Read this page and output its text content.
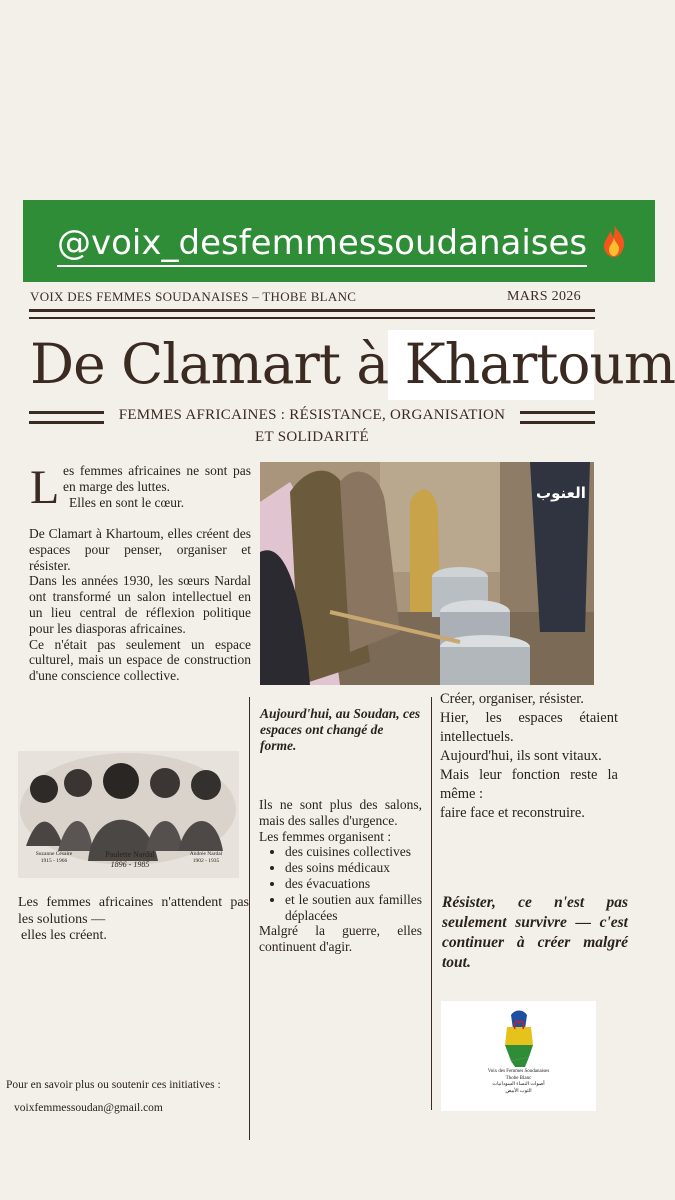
@voix_desfemmessoudanaises
VOIX DES FEMMES SOUDANAISES – THOBE BLANC	MARS 2026
De Clamart à Khartoum
FEMMES AFRICAINES : RÉSISTANCE, ORGANISATION
ET SOLIDARITÉ
L es femmes africaines ne sont pas en marge des luttes.
Elles en sont le cœur.
De Clamart à Khartoum, elles créent des espaces pour penser, organiser et résister.
Dans les années 1930, les sœurs Nardal ont transformé un salon intellectuel en un lieu central de réflexion politique pour les diasporas africaines.
Ce n'était pas seulement un espace culturel, mais un espace de construction d'une conscience collective.
العنوب
Aujourd'hui, au Soudan, ces espaces ont changé de forme.
Ils ne sont plus des salons, mais des salles d'urgence.
Les femmes organisent :
• des cuisines collectives
• des soins médicaux
• des évacuations
• et le soutien aux familles déplacées
Malgré la guerre, elles continuent d'agir.
Créer, organiser, résister.
Hier, les espaces étaient intellectuels.
Aujourd'hui, ils sont vitaux.
Mais leur fonction reste la même :
faire face et reconstruire.
Résister, ce n'est pas seulement survivre — c'est continuer à créer malgré tout.
Suzanne Césaire
1915 - 1966
Paulette Nardal
1896 - 1985
Andrée Nardal
1902 - 1935
Les femmes africaines n'attendent pas les solutions —
elles les créent.
Pour en savoir plus ou soutenir ces initiatives :
voixfemmessoudan@gmail.com
Voix des Femmes Soudanaises
Thobe Blanc
أصوات النساء السودانيات
الثوب الأبيض
